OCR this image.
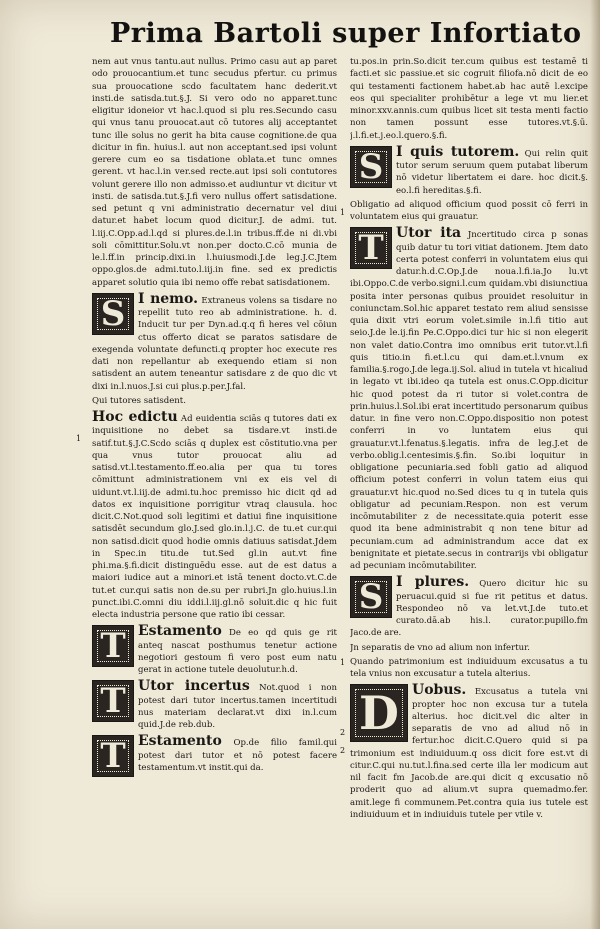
Prima Bartoli super Infortiato
nem aut vnus tantu.aut nullus. Primo casu aut ap paret odo prouocantium.et tunc secudus pfertur. cu primus sua prouocatione scdo facultatem hanc dederit.vt insti.de satisda.tut.§.J. Si vero odo no apparet.tunc eligitur idoneior vt hac.l.quod si plu res.Secundo casu qui vnus tanu prouocat.aut cō tutores alij acceptantet tunc ille solus no gerit ha bita cause cognitione.de qua dicitur in fin. huius.l. aut non acceptant.sed ipsi volunt gerere cum eo sa tisdatione oblata.et tunc omnes gerent. vt hac.l.in ver.sed recte.aut ipsi soli contutores volunt gerere illo non admisso.et audiuntur vt dicitur vt insti. de satisda.tut.§.J.fi vero nullus offert satisdatione. sed petunt q vni administratio decernatur vel diui datur.et habet locum quod dicitur.J. de admi. tut. l.iij.C.Opp.ad.l.qd si plures.de.l.in tribus.ff.de ni di.vbi soli cōmittitur.Solu.vt non.per docto.C.cō munia de le.l.ff.in princip.dixi.in l.huiusmodi.J.de leg.J.C.Jtem oppo.glos.de admi.tuto.l.iij.in fine. sed ex predictis apparet solutio quia ibi nemo offe rebat satisdationem.
S I nemo. Extraneus volens sa tisdare no repellit tuto reo ab administratione. h. d. Inducit tur per Dyn.ad.q.q fi heres vel cōiun ctus offerto dicat se paratos satisdare de exegenda voluntate defuncti.q propter hoc execute res dati non repellantur ab exequendo etiam si non satisdent an autem teneantur satisdare z de quo dic vt dixi in.l.nuos.J.si cui plus.p.per.J.fal.
Qui tutores satisdent.
Hoc edictu Ad euidentia sciās q tutores dati ex inquisitione no debet sa tisdare.vt insti.de satif.tut.§.J.C.Scdo sciās q duplex est cōstitutio.vna per qua vnus tutor prouocat aliu ad satisd.vt.l.testamento.ff.eo.alia per qua tu tores cōmittunt administrationem vni ex eis vel di uidunt.vt.l.iij.de admi.tu.hoc premisso hic dicit qd ad datos ex inquisitione porrigitur vtraq clausula. hoc dicit.C.Not.quod soli legitimi et datiui fine inquisitione satisdēt secundum glo.J.sed glo.in.l.j.C. de tu.et cur.qui non satisd.dicit quod hodie omnis datiuus satisdat.Jdem in Spec.in titu.de tut.Sed gl.in aut.vt fine phi.ma.§.fi.dicit distinguēdu esse. aut de est datus a maiori iudice aut a minori.et istā tenent docto.vt.C.de tut.et cur.qui satis non de.su per rubri.Jn glo.huius.l.in punct.ibi.C.omni diu iddi.l.iij.gl.nō soluit.dic q hic fuit electa industria persone que ratio ibi cessar.
T Estamento De eo qd quis ge rit anteq nascat posthumus tenetur actione negotiori gestoum fi vero post eum natu gerat in actione tutele deuolutur.h.d.
T Utor incertus Not.quod i non potest dari tutor incertus.tamen incertitudi nus materiam declarat.vt dixi in.l.cum quid.J.de reb.dub.
T Estamento Op.de filio famil.qui potest dari tutor et nō potest facere testamentum.vt instit.qui da.
tu.pos.in prin.So.dicit ter.cum quibus est testamē ti facti.et sic passiue.et sic cogruit filiofa.nō dicit de eo qui testamenti factionem habet.ab hac autē l.excipe eos qui specialiter prohibētur a lege vt mu lier.et minor.xxv.annis.cum quibus licet sit testa menti factio non tamen possunt esse tutores.vt.§.ū. j.l.fi.et.j.eo.l.quero.§.fi.
S I quis tutorem. Qui relin quit tutor serum seruum quem putabat liberum nō videtur libertatem ei dare. hoc dicit.§. eo.l.fi hereditas.§.fi.
Obligatio ad aliquod officium quod possit cō ferri in voluntatem eius qui grauatur.
T Utor ita Jncertitudo circa p sonas quib datur tu tori vitiat dationem. Jtem dato certa potest conferri in voluntatem eius qui datur.h.d.C.Op.J.de noua.l.fi.ia.Jo lu.vt ibi.Oppo.C.de verbo.signi.l.cum quidam.vbi disiunctiua posita inter personas quibus prouidet resoluitur in coniunctam.Sol.hic apparet testato rem aliud sensisse quia dixit vtri eorum volet.simile in.l.fi titio aut seio.J.de le.ij.fin Pe.C.Oppo.dici tur hic si non elegerit non valet datio.Contra imo omnibus erit tutor.vt.l.fi quis titio.in fi.et.l.cu qui dam.et.l.vnum ex familia.§.rogo.J.de lega.ij.Sol. aliud in tutela vt hicaliud in legato vt ibi.ideo qa tutela est onus.C.Opp.dicitur hic quod potest da ri tutor si volet.contra de prin.huius.l.Sol.ibi erat incertitudo personarum quibus datur. in fine vero non.C.Oppo.dispositio non potest conferri in vo luntatem eius qui grauatur.vt.l.fenatus.§.legatis. infra de leg.J.et de verbo.oblig.l.centesimis.§.fin. So.ibi loquitur in obligatione pecuniaria.sed fobli gatio ad aliquod officium potest conferri in volun tatem eius qui grauatur.vt hic.quod no.Sed dices tu q in tutela quis obligatur ad pecuniam.Respon. non est verum incōmutabiliter z de necessitate.quia poterit esse quod ita bene administrabit q non tene bitur ad pecuniam.cum ad administrandum acce dat ex benignitate et pietate.secus in contrarijs vbi obligatur ad pecuniam incōmutabiliter.
S I plures. Quero dicitur hic su peruacui.quid si fue rit petitus et datus. Respondeo nō va let.vt.J.de tuto.et curato.dā.ab his.l. curator.pupillo.fm Jaco.de are.
Jn separatis de vno ad alium non infertur.
Quando patrimonium est indiuiduum excusatus a tu tela vnius non excusatur a tutela alterius.
D Uobus. Excusatus a tutela vni propter hoc non excusa tur a tutela alterius. hoc dicit.vel dic alter in separatis de vno ad aliud nō in fertur.hoc dicit.C.Quero quid si pa trimonium est indiuiduum.q oss dicit fore est.vt di citur.C.qui nu.tut.l.fina.sed certe illa ler modicum aut nil facit fm Jacob.de are.qui dicit q excusatio nō proderit quo ad alium.vt supra quemadmo.fer. amit.lege fi communem.Pet.contra quia ius tutele est indiuiduum et in indiuiduis tutele per vtile v.
1
2
1
2
1
